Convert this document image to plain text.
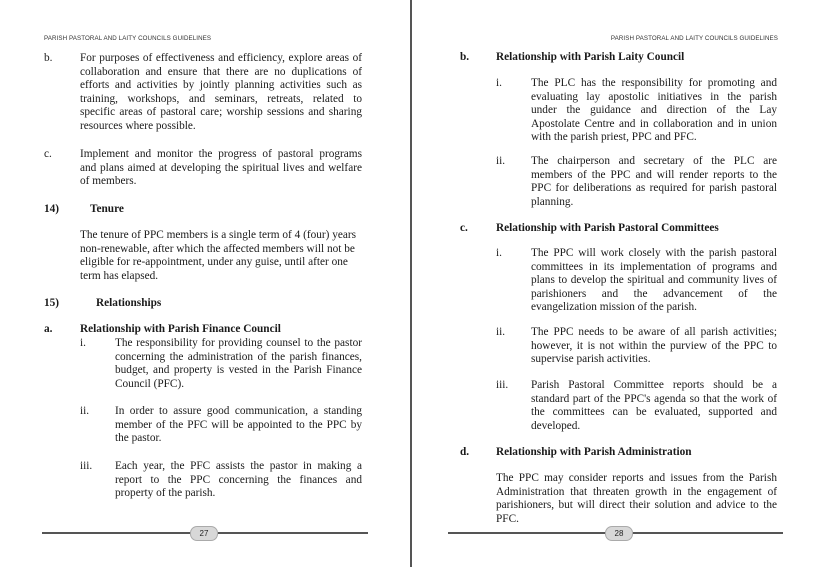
PARISH PASTORAL AND LAITY COUNCILS GUIDELINES
b. For purposes of effectiveness and efficiency, explore areas of
collaboration and ensure that there are no duplications of
efforts and activities by jointly planning activities such as
training, workshops, and seminars, retreats, related to
specific areas of pastoral care; worship sessions and sharing
resources where possible.
c. Implement and monitor the progress of pastoral programs
and plans aimed at developing the spiritual lives and welfare
of members.
14)	Tenure
The tenure of PPC members is a single term of 4 (four) years
non-renewable, after which the affected members will not be
eligible for re-appointment, under any guise, until after one
term has elapsed.
15)	Relationships
a. Relationship with Parish Finance Council
i.	The responsibility for providing counsel to the pastor
concerning the administration of the parish finances,
budget, and property is vested in the Parish Finance
Council (PFC).
ii. In order to assure good communication, a standing
member of the PFC will be appointed to the PPC by
the pastor.
iii. Each year, the PFC assists the pastor in making a
report to the PPC concerning the finances and
property of the parish.
27
PARISH PASTORAL AND LAITY COUNCILS GUIDELINES
b. Relationship with Parish Laity Council
i.	The PLC has the responsibility for promoting and
evaluating lay apostolic initiatives in the parish
under the guidance and direction of the Lay
Apostolate Centre and in collaboration and in union
with the parish priest, PPC and PFC.
ii. The chairperson and secretary of the PLC are
members of the PPC and will render reports to the
PPC for deliberations as required for parish pastoral
planning.
c. Relationship with Parish Pastoral Committees
i.	The PPC will work closely with the parish pastoral
committees in its implementation of programs and
plans to develop the spiritual and community lives of
parishioners and the advancement of the
evangelization mission of the parish.
ii. The PPC needs to be aware of all parish activities;
however, it is not within the purview of the PPC to
supervise parish activities.
iii. Parish Pastoral Committee reports should be a
standard part of the PPC's agenda so that the work of
the committees can be evaluated, supported and
developed.
d. Relationship with Parish Administration
The PPC may consider reports and issues from the Parish
Administration that threaten growth in the engagement of
parishioners, but will direct their solution and advice to the
PFC.
28
